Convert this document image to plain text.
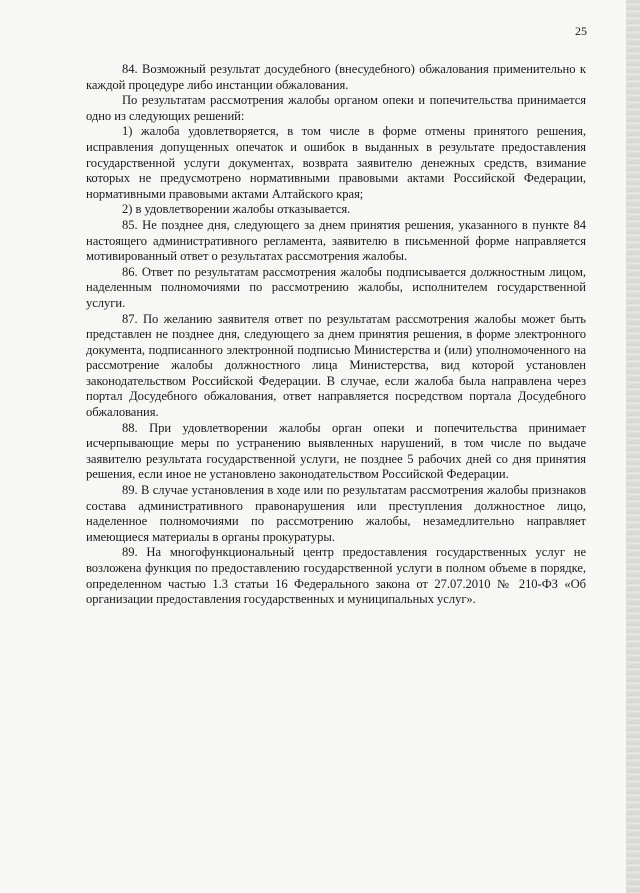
25

84. Возможный результат досудебного (внесудебного) обжалования применительно к каждой процедуре либо инстанции обжалования.

По результатам рассмотрения жалобы органом опеки и попечительства принимается одно из следующих решений:

1) жалоба удовлетворяется, в том числе в форме отмены принятого решения, исправления допущенных опечаток и ошибок в выданных в результате предоставления государственной услуги документах, возврата заявителю денежных средств, взимание которых не предусмотрено нормативными правовыми актами Российской Федерации, нормативными правовыми актами Алтайского края;

2) в удовлетворении жалобы отказывается.

85. Не позднее дня, следующего за днем принятия решения, указанного в пункте 84 настоящего административного регламента, заявителю в письменной форме направляется мотивированный ответ о результатах рассмотрения жалобы.

86. Ответ по результатам рассмотрения жалобы подписывается должностным лицом, наделенным полномочиями по рассмотрению жалобы, исполнителем государственной услуги.

87. По желанию заявителя ответ по результатам рассмотрения жалобы может быть представлен не позднее дня, следующего за днем принятия решения, в форме электронного документа, подписанного электронной подписью Министерства и (или) уполномоченного на рассмотрение жалобы должностного лица Министерства, вид которой установлен законодательством Российской Федерации. В случае, если жалоба была направлена через портал Досудебного обжалования, ответ направляется посредством портала Досудебного обжалования.

88. При удовлетворении жалобы орган опеки и попечительства принимает исчерпывающие меры по устранению выявленных нарушений, в том числе по выдаче заявителю результата государственной услуги, не позднее 5 рабочих дней со дня принятия решения, если иное не установлено законодательством Российской Федерации.

89. В случае установления в ходе или по результатам рассмотрения жалобы признаков состава административного правонарушения или преступления должностное лицо, наделенное полномочиями по рассмотрению жалобы, незамедлительно направляет имеющиеся материалы в органы прокуратуры.

89. На многофункциональный центр предоставления государственных услуг не возложена функция по предоставлению государственной услуги в полном объеме в порядке, определенном частью 1.3 статьи 16 Федерального закона от 27.07.2010 № 210-ФЗ «Об организации предоставления государственных и муниципальных услуг».
